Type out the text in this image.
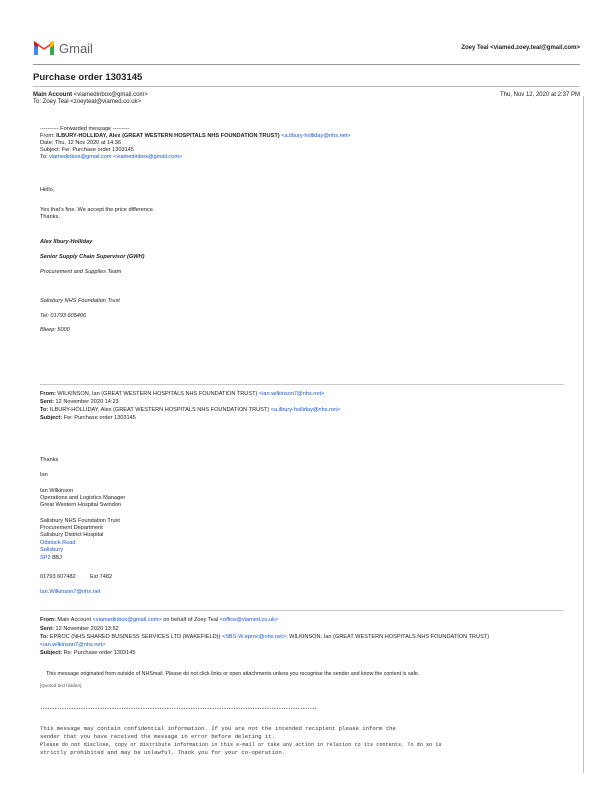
Gmail	Zoey Teal <viamed.zoey.teal@gmail.com>
Purchase order 1303145
Main Account <viamedinbox@gmail.com>	Thu, Nov 12, 2020 at 2:37 PM
To: Zoey Teal <zoeyteal@viamed.co.uk>
---------- Forwarded message ---------
From: ILBURY-HOLLIDAY, Alex (GREAT WESTERN HOSPITALS NHS FOUNDATION TRUST) <a.ilbury-holliday@nhs.net>
Date: Thu, 12 Nov 2020 at 14:36
Subject: Fw: Purchase order 1303145
To: viamedinbox@gmail.com <viamedinbox@gmail.com>
Hello,
Yes that's fine. We accept the price difference.
Thanks,
Alex Ilbury-Holliday
Senior Supply Chain Supervisor (GWH)
Procurement and Supplies Team
Salisbury NHS Foundation Trust
Tel: 01793 605406
Bleep: 5000
From: WILKINSON, Ian (GREAT WESTERN HOSPITALS NHS FOUNDATION TRUST) <ian.wilkinson7@nhs.net>
Sent: 12 November 2020 14:23
To: ILBURY-HOLLIDAY, Alex (GREAT WESTERN HOSPITALS NHS FOUNDATION TRUST) <a.ilbury-holliday@nhs.net>
Subject: Fw: Purchase order 1303145
Thanks
Ian
Ian Wilkinson
Operations and Logistics Manager
Great Western Hospital Swindon
Salisbury NHS Foundation Trust
Procurement Department
Salisbury District Hospital
Odstock Road
Salisbury
SP2 8BJ
01793 607482	Ext 7482
Ian.Wilkinson7@nhs.net
From: Main Account <viamedinbox@gmail.com> on behalf of Zoey Teal <office@viamed.co.uk>
Sent: 12 November 2020 13:52
To: EPROC (NHS SHARED BUSINESS SERVICES LTD (WAKEFIELD)) <SBS-W.eproc@nhs.net>; WILKINSON, Ian (GREAT WESTERN HOSPITALS NHS FOUNDATION TRUST)
<ian.wilkinson7@nhs.net>
Subject: Re: Purchase order 1303145
This message originated from outside of NHSmail. Please do not click links or open attachments unless you recognise the sender and know the content is safe.
[Quoted text hidden]
********************************************************************************************************************
This message may contain confidential information. If you are not the intended recipient please inform the
sender that you have received the message in error before deleting it.
Please do not disclose, copy or distribute information in this e-mail or take any action in relation to its contents. To do so is
strictly prohibited and may be unlawful. Thank you for your co-operation.
